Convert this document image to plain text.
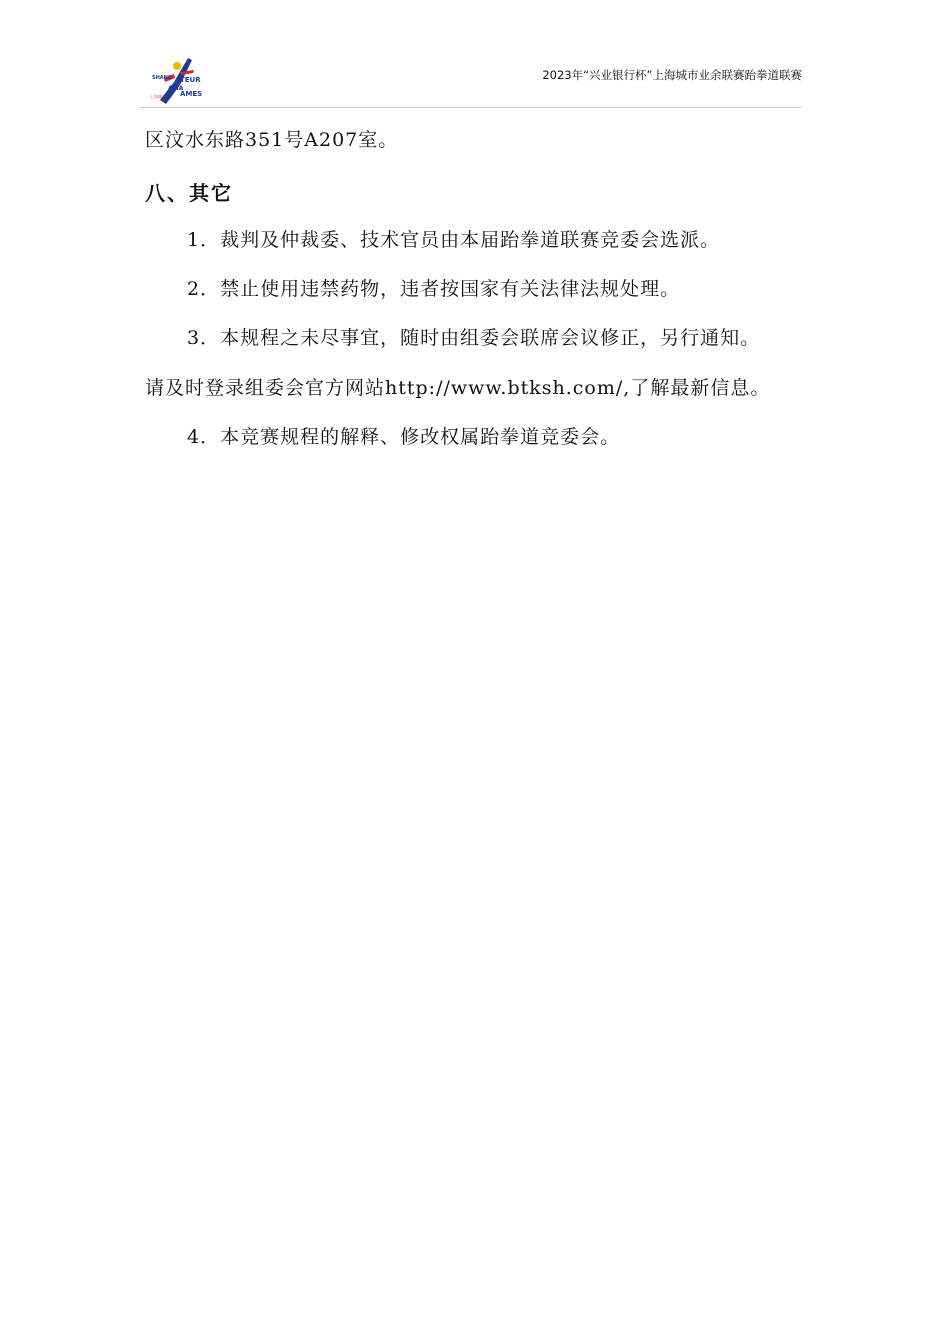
SHANG TEUR
AMA
AMES
上海城市
2023年“兴业银行杯”上海城市业余联赛跆拳道联赛
区汶水东路351号A207室。
八、其它
1．裁判及仲裁委、技术官员由本届跆拳道联赛竞委会选派。
2．禁止使用违禁药物，违者按国家有关法律法规处理。
3．本规程之未尽事宜，随时由组委会联席会议修正，另行通知。
请及时登录组委会官方网站http://www.btksh.com/,了解最新信息。
4．本竞赛规程的解释、修改权属跆拳道竞委会。
